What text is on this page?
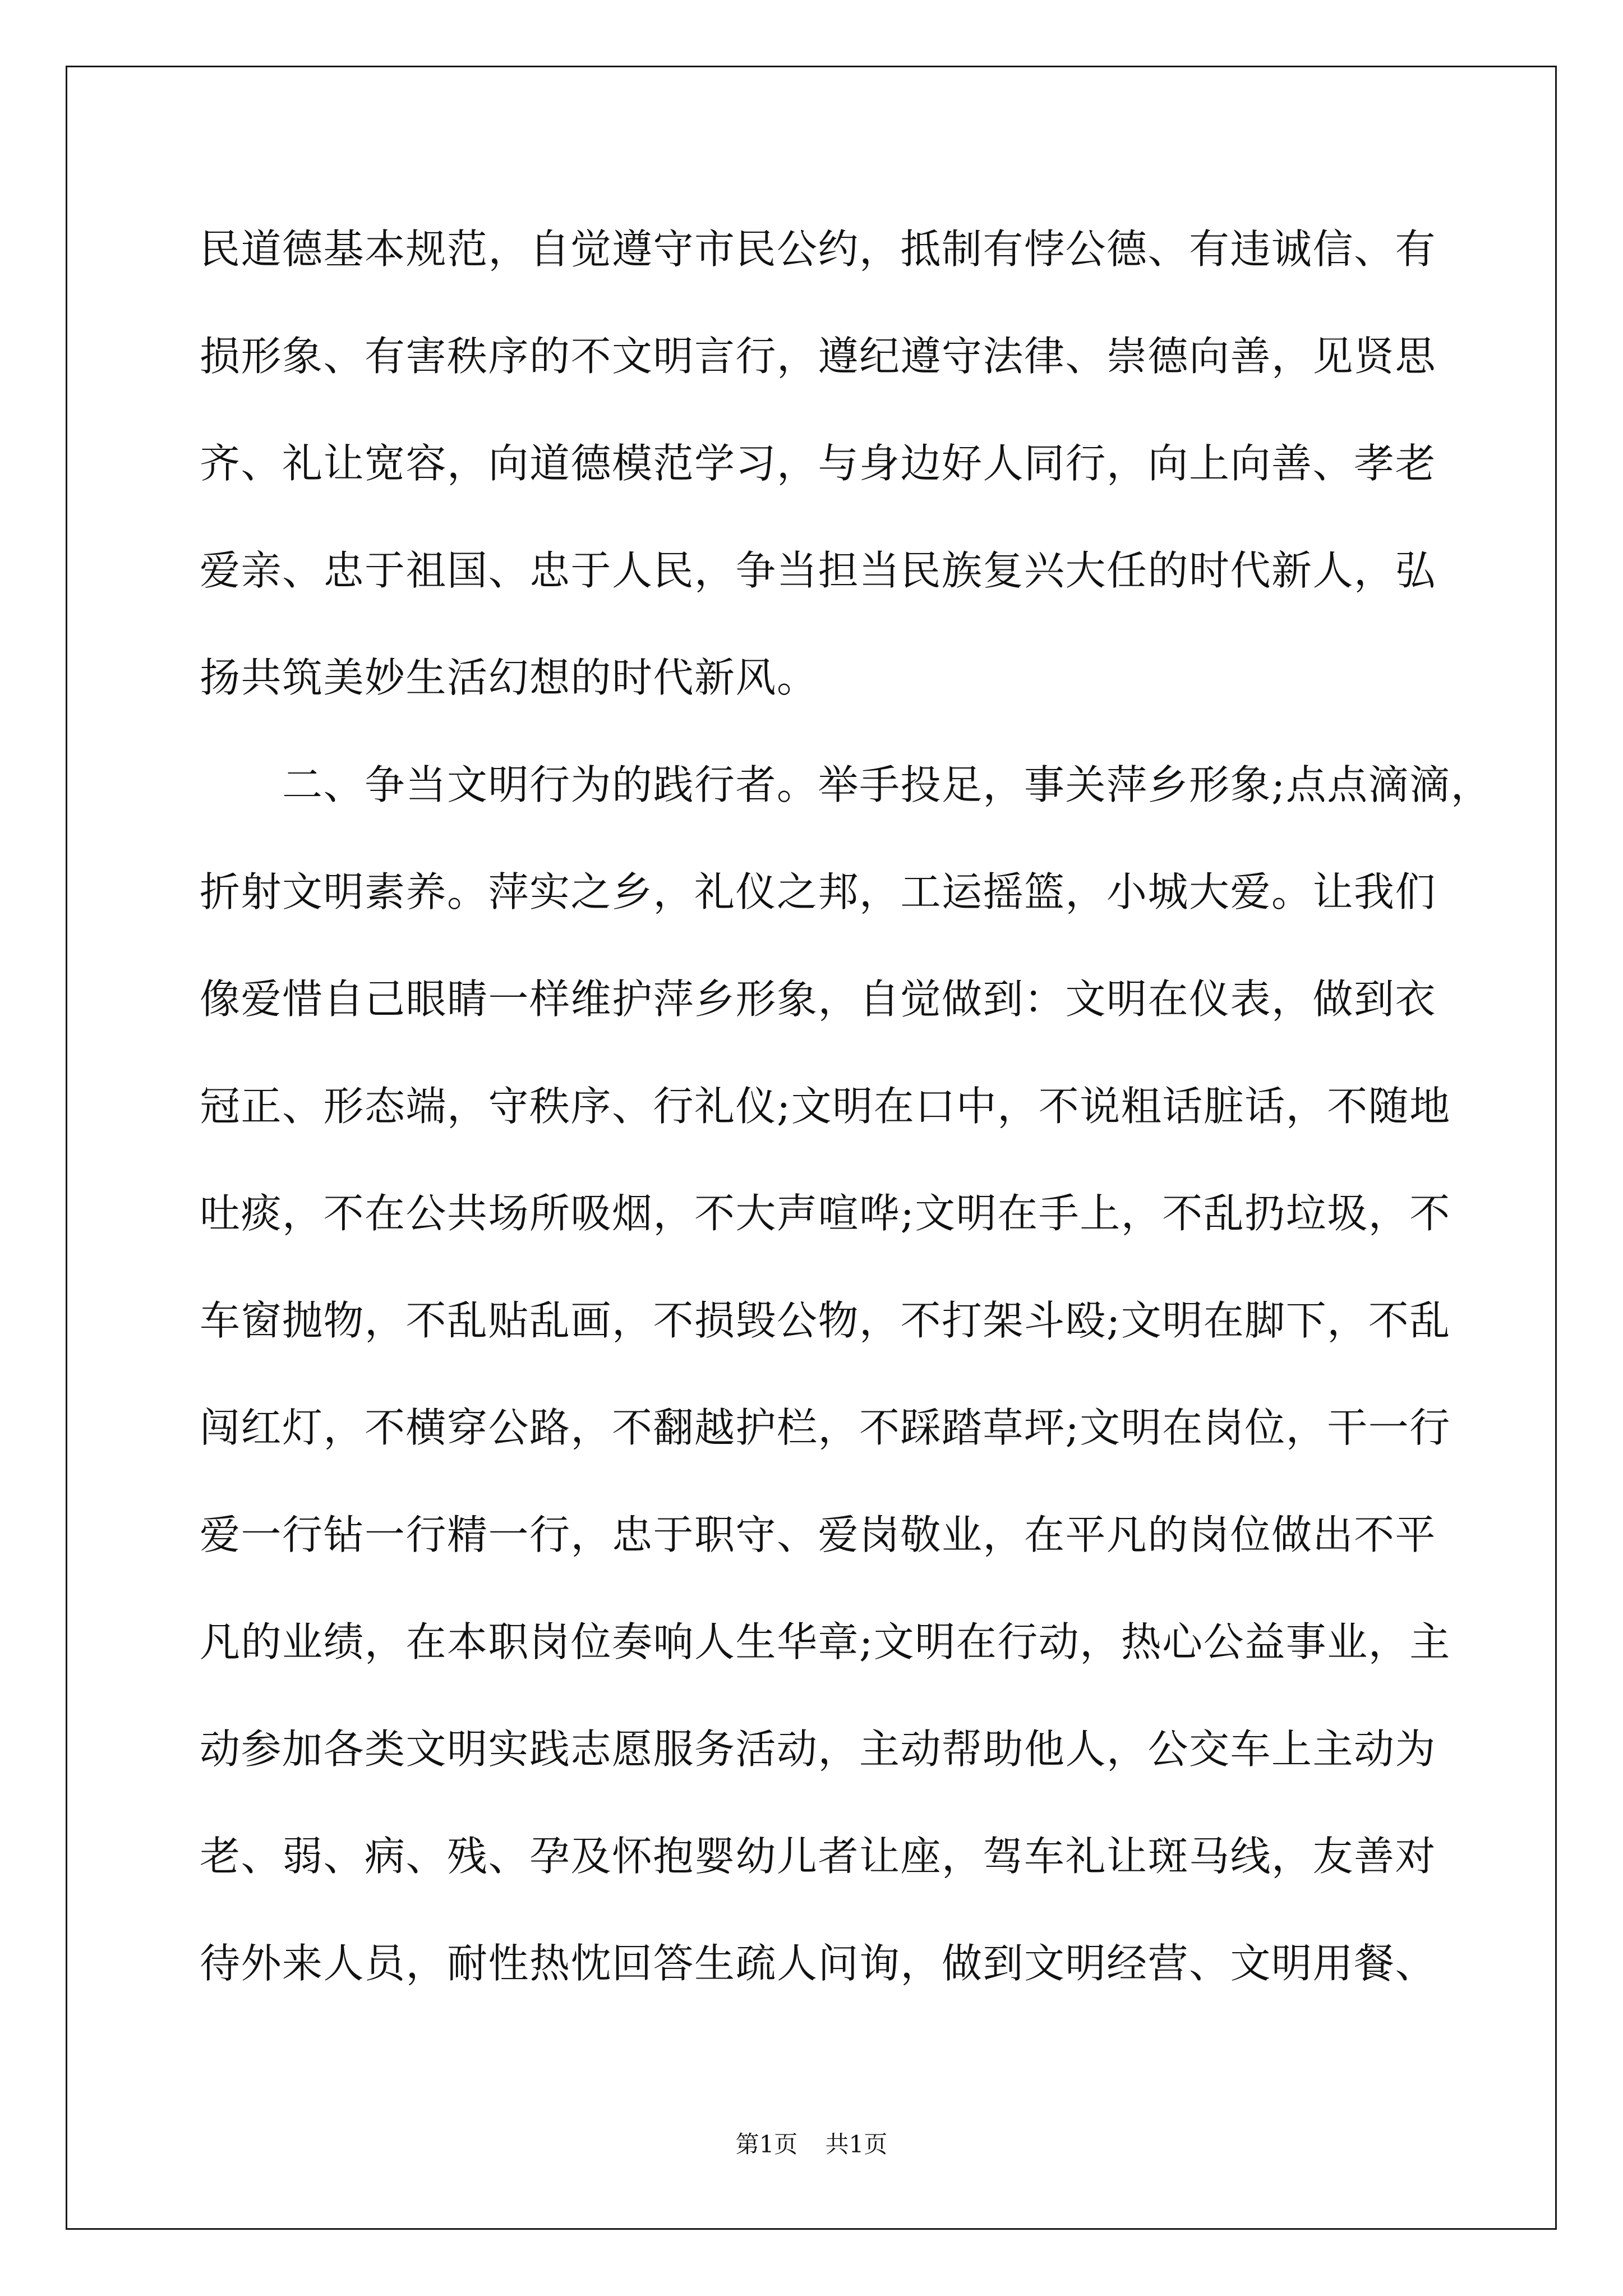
民道德基本规范，自觉遵守市民公约，抵制有悖公德、有违诚信、有
损形象、有害秩序的不文明言行，遵纪遵守法律、崇德向善，见贤思
齐、礼让宽容，向道德模范学习，与身边好人同行，向上向善、孝老
爱亲、忠于祖国、忠于人民，争当担当民族复兴大任的时代新人，弘
扬共筑美妙生活幻想的时代新风。
　　二、争当文明行为的践行者。举手投足，事关萍乡形象;点点滴滴，
折射文明素养。萍实之乡，礼仪之邦，工运摇篮，小城大爱。让我们
像爱惜自己眼睛一样维护萍乡形象，自觉做到：文明在仪表，做到衣
冠正、形态端，守秩序、行礼仪;文明在口中，不说粗话脏话，不随地
吐痰，不在公共场所吸烟，不大声喧哗;文明在手上，不乱扔垃圾，不
车窗抛物，不乱贴乱画，不损毁公物，不打架斗殴;文明在脚下，不乱
闯红灯，不横穿公路，不翻越护栏，不踩踏草坪;文明在岗位，干一行
爱一行钻一行精一行，忠于职守、爱岗敬业，在平凡的岗位做出不平
凡的业绩，在本职岗位奏响人生华章;文明在行动，热心公益事业，主
动参加各类文明实践志愿服务活动，主动帮助他人，公交车上主动为
老、弱、病、残、孕及怀抱婴幼儿者让座，驾车礼让斑马线，友善对
待外来人员，耐性热忱回答生疏人问询，做到文明经营、文明用餐、
第1页 共1页
